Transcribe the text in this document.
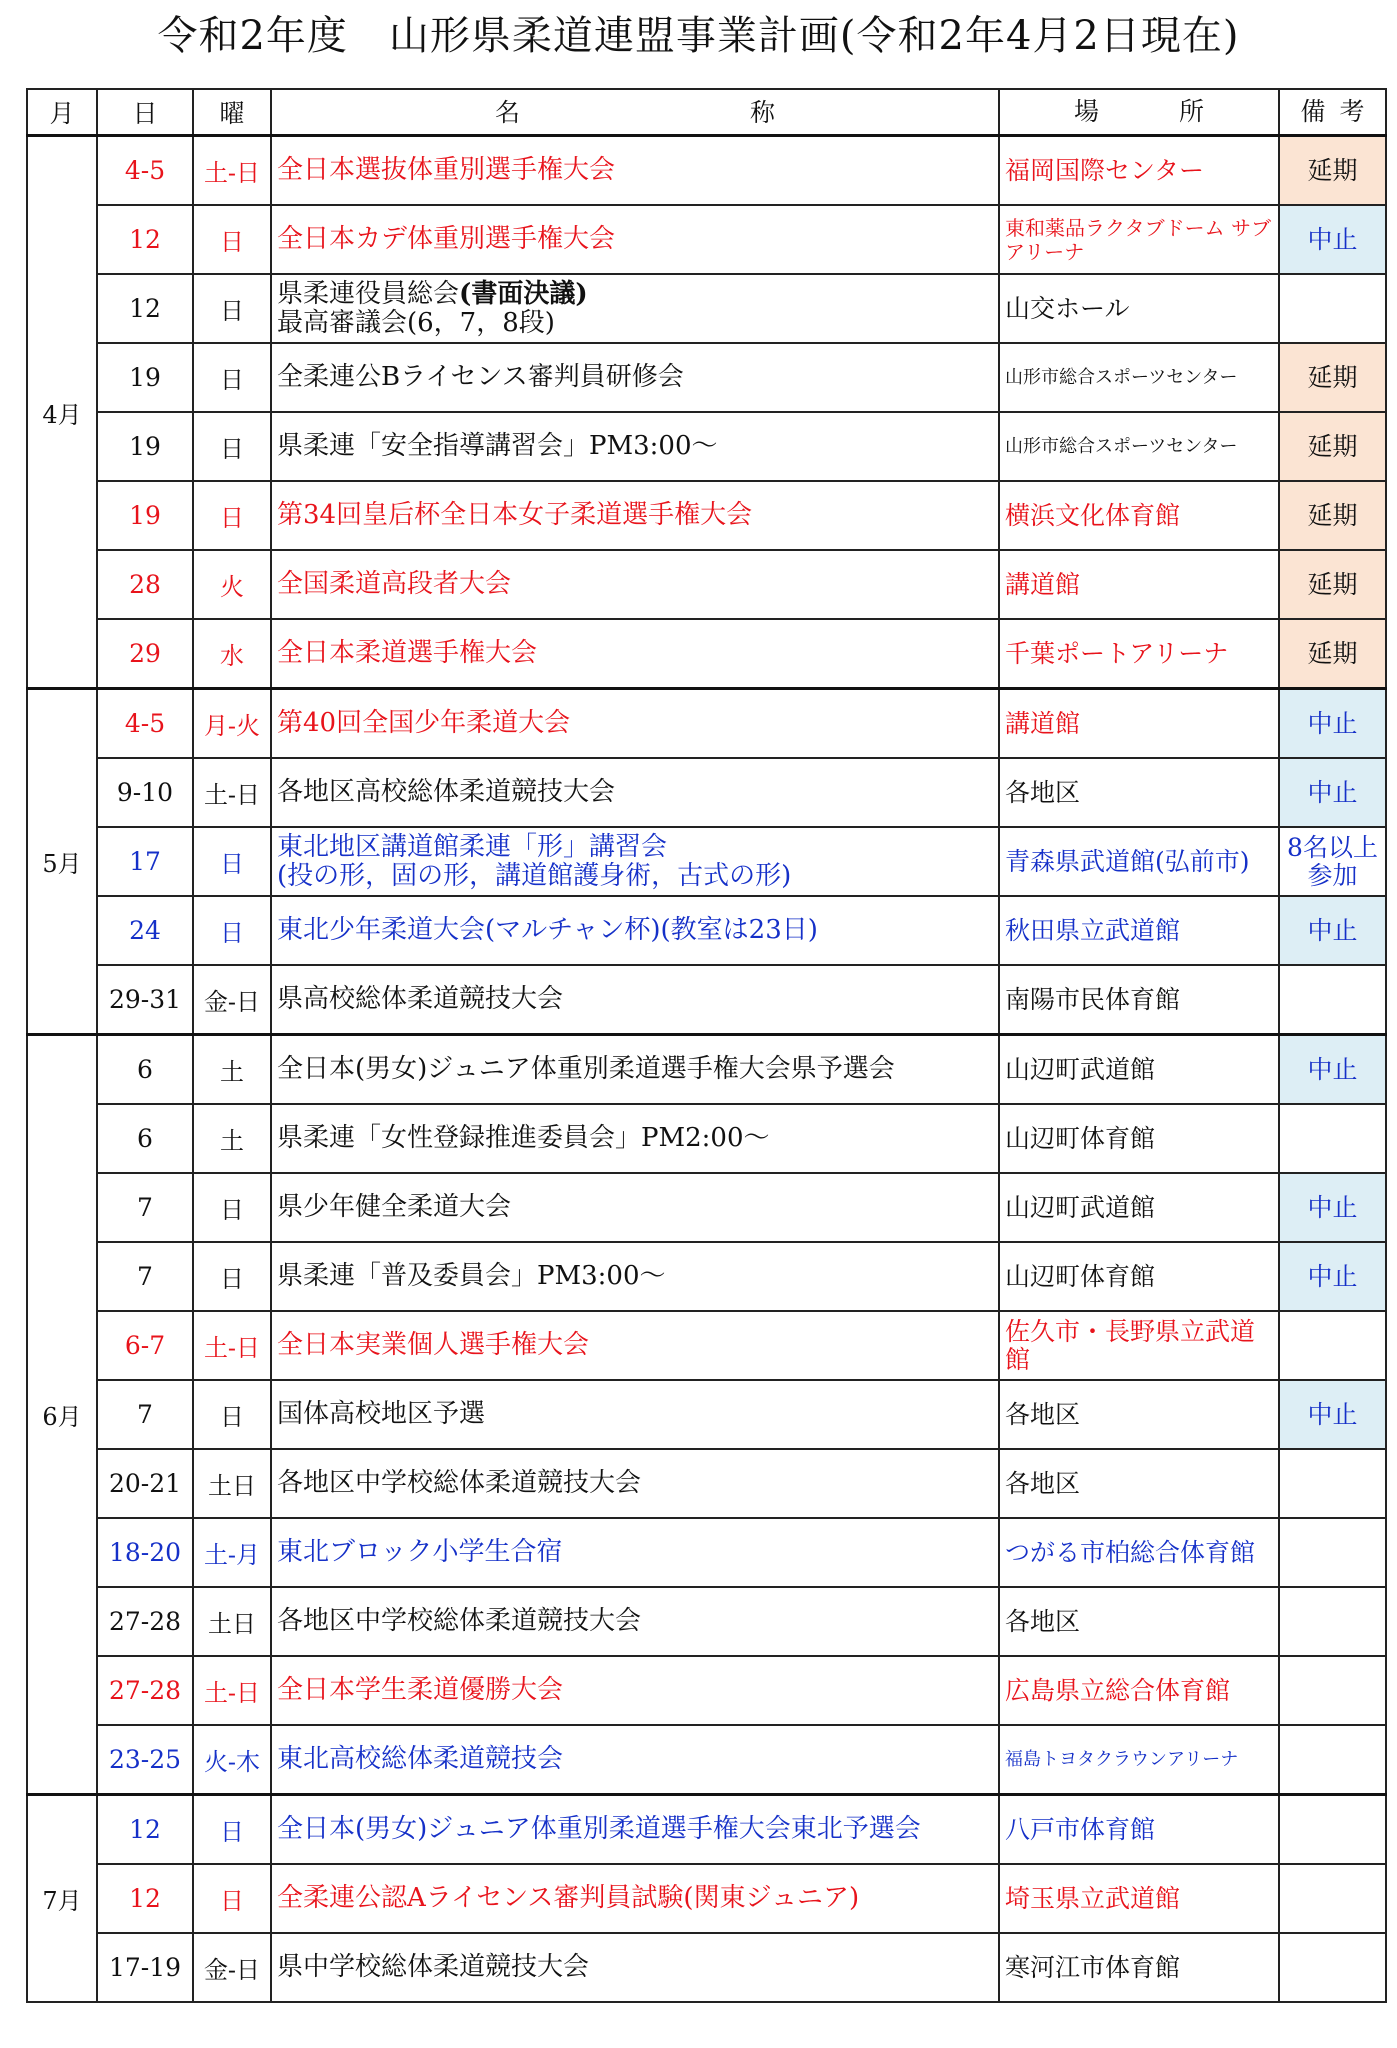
令和2年度　山形県柔道連盟事業計画(令和2年4月2日現在)
月	日	曜	名 称	場 所	備 考
4月	4-5	土-日	全日本選抜体重別選手権大会	福岡国際センター	延期
	12	日	全日本カデ体重別選手権大会	東和薬品ラクタブドーム サブアリーナ	中止
	12	日	県柔連役員総会(書面決議)
最高審議会(6，7，8段)	山交ホール	
	19	日	全柔連公Bライセンス審判員研修会	山形市総合スポーツセンター	延期
	19	日	県柔連「安全指導講習会」PM3:00～	山形市総合スポーツセンター	延期
	19	日	第34回皇后杯全日本女子柔道選手権大会	横浜文化体育館	延期
	28	火	全国柔道高段者大会	講道館	延期
	29	水	全日本柔道選手権大会	千葉ポートアリーナ	延期
5月	4-5	月-火	第40回全国少年柔道大会	講道館	中止
	9-10	土-日	各地区高校総体柔道競技大会	各地区	中止
	17	日	東北地区講道館柔連「形」講習会
(投の形，固の形，講道館護身術，古式の形)	青森県武道館(弘前市)	8名以上 参加
	24	日	東北少年柔道大会(マルチャン杯)(教室は23日)	秋田県立武道館	中止
	29-31	金-日	県高校総体柔道競技大会	南陽市民体育館	
6月	6	土	全日本(男女)ジュニア体重別柔道選手権大会県予選会	山辺町武道館	中止
	6	土	県柔連「女性登録推進委員会」PM2:00～	山辺町体育館	
	7	日	県少年健全柔道大会	山辺町武道館	中止
	7	日	県柔連「普及委員会」PM3:00～	山辺町体育館	中止
	6-7	土-日	全日本実業個人選手権大会	佐久市・長野県立武道館	
	7	日	国体高校地区予選	各地区	中止
	20-21	土日	各地区中学校総体柔道競技大会	各地区	
	18-20	土-月	東北ブロック小学生合宿	つがる市柏総合体育館	
	27-28	土日	各地区中学校総体柔道競技大会	各地区	
	27-28	土-日	全日本学生柔道優勝大会	広島県立総合体育館	
	23-25	火-木	東北高校総体柔道競技会	福島トヨタクラウンアリーナ	
7月	12	日	全日本(男女)ジュニア体重別柔道選手権大会東北予選会	八戸市体育館	
	12	日	全柔連公認Aライセンス審判員試験(関東ジュニア)	埼玉県立武道館	
	17-19	金-日	県中学校総体柔道競技大会	寒河江市体育館	
